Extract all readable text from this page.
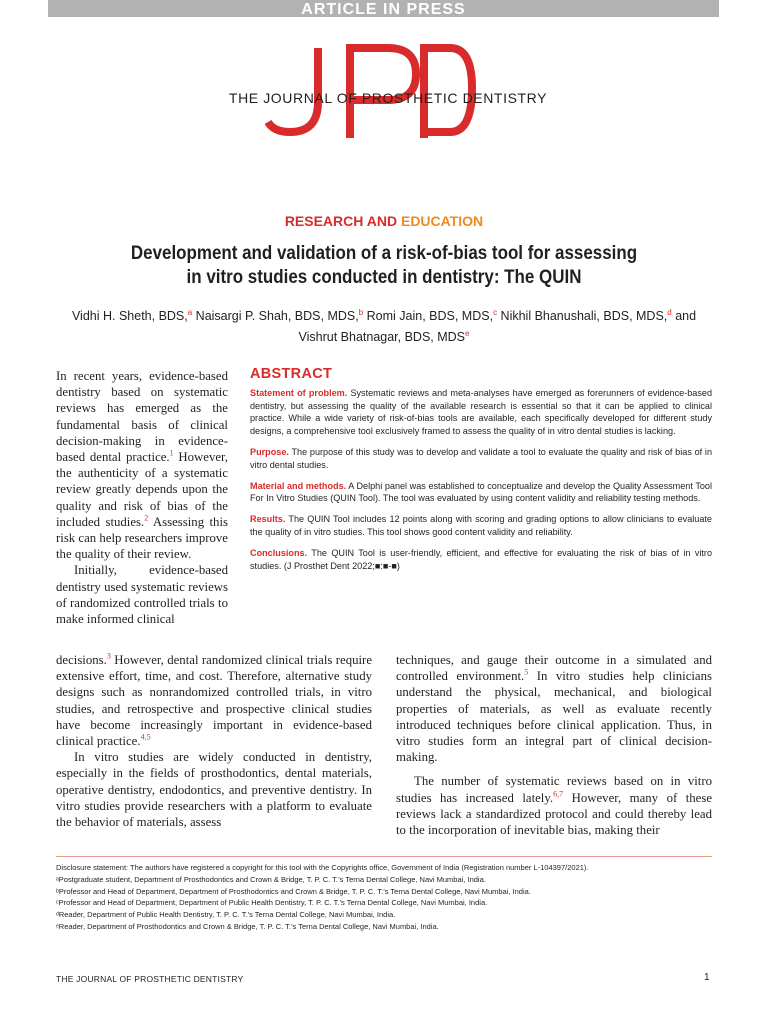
ARTICLE IN PRESS
THE JOURNAL OF PROSTHETIC DENTISTRY
RESEARCH AND EDUCATION
Development and validation of a risk-of-bias tool for assessing
in vitro studies conducted in dentistry: The QUIN
Vidhi H. Sheth, BDS,$^a$ Naisargi P. Shah, BDS, MDS,$^b$ Romi Jain, BDS, MDS,$^c$ Nikhil Bhanushali, BDS, MDS,$^d$ and
Vishrut Bhatnagar, BDS, MDS$^e$

In recent years, evidence-based dentistry based on systematic reviews has emerged as the fundamental basis of clinical decision-making in evidence-based dental practice.$^1$ However, the authenticity of a systematic review greatly depends upon the quality and risk of bias of the included studies.$^2$ Assessing this risk can help researchers improve the quality of their review.

Initially, evidence-based dentistry used systematic reviews of randomized controlled trials to make informed clinical

ABSTRACT

Statement of problem. Systematic reviews and meta-analyses have emerged as forerunners of evidence-based dentistry, but assessing the quality of the available research is essential so that it can be applied to clinical practice. While a wide variety of risk-of-bias tools are available, each specifically developed for different study designs, a comprehensive tool exclusively framed to assess the quality of in vitro dental studies is lacking.

Purpose. The purpose of this study was to develop and validate a tool to evaluate the quality and risk of bias of in vitro dental studies.

Material and methods. A Delphi panel was established to conceptualize and develop the Quality Assessment Tool For In Vitro Studies (QUIN Tool). The tool was evaluated by using content validity and reliability testing methods.

Results. The QUIN Tool includes 12 points along with scoring and grading options to allow clinicians to evaluate the quality of in vitro studies. This tool shows good content validity and reliability.

Conclusions. The QUIN Tool is user-friendly, efficient, and effective for evaluating the risk of bias of in vitro studies. (J Prosthet Dent 2022;■:■-■)

decisions.$^3$ However, dental randomized clinical trials require extensive effort, time, and cost. Therefore, alternative study designs such as nonrandomized controlled trials, in vitro studies, and retrospective and prospective clinical studies have become increasingly important in evidence-based clinical practice.$^{4,5}$

In vitro studies are widely conducted in dentistry, especially in the fields of prosthodontics, dental materials, operative dentistry, endodontics, and preventive dentistry. In vitro studies provide researchers with a platform to evaluate the behavior of materials, assess

techniques, and gauge their outcome in a simulated and controlled environment.$^5$ In vitro studies help clinicians understand the physical, mechanical, and biological properties of materials, as well as evaluate recently introduced techniques before clinical application. Thus, in vitro studies form an integral part of clinical decision-making.

The number of systematic reviews based on in vitro studies has increased lately.$^{6,7}$ However, many of these reviews lack a standardized protocol and could thereby lead to the incorporation of inevitable bias, making their

Disclosure statement: The authors have registered a copyright for this tool with the Copyrights office, Government of India (Registration number L-104397/2021).
ᵃPostgraduate student, Department of Prosthodontics and Crown & Bridge, T. P. C. T.’s Terna Dental College, Navi Mumbai, India.
ᵇProfessor and Head of Department, Department of Prosthodontics and Crown & Bridge, T. P. C. T.’s Terna Dental College, Navi Mumbai, India.
ᶜProfessor and Head of Department, Department of Public Health Dentistry, T. P. C. T.’s Terna Dental College, Navi Mumbai, India.
ᵈReader, Department of Public Health Dentistry, T. P. C. T.’s Terna Dental College, Navi Mumbai, India.
ᵉReader, Department of Prosthodontics and Crown & Bridge, T. P. C. T.’s Terna Dental College, Navi Mumbai, India.
THE JOURNAL OF PROSTHETIC DENTISTRY	1
